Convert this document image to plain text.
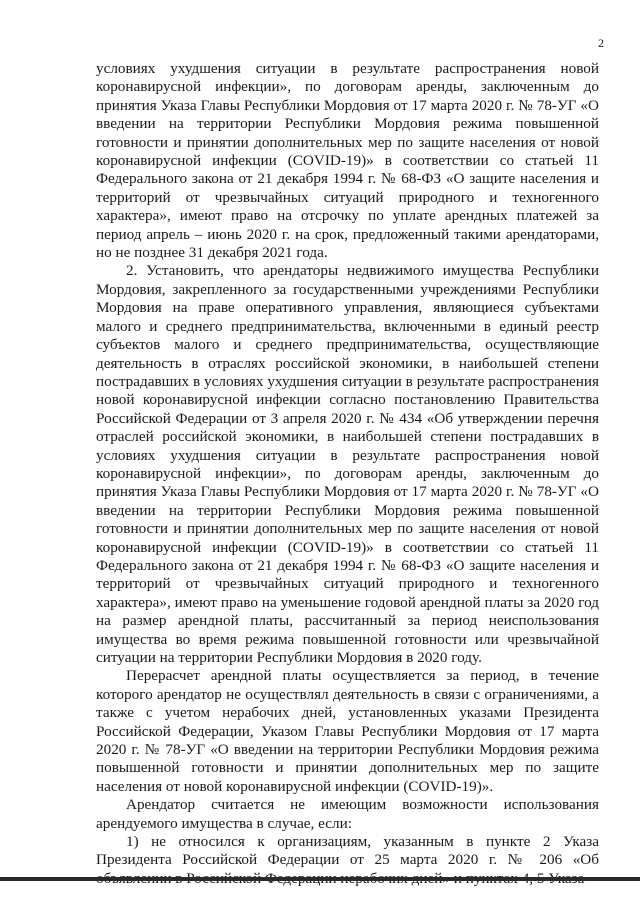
2

условиях ухудшения ситуации в результате распространения новой коронавирусной инфекции», по договорам аренды, заключенным до принятия Указа Главы Республики Мордовия от 17 марта 2020 г. № 78-УГ «О введении на территории Республики Мордовия режима повышенной готовности и принятии дополнительных мер по защите населения от новой коронавирусной инфекции (COVID-19)» в соответствии со статьей 11 Федерального закона от 21 декабря 1994 г. № 68-ФЗ «О защите населения и территорий от чрезвычайных ситуаций природного и техногенного характера», имеют право на отсрочку по уплате арендных платежей за период апрель – июнь 2020 г. на срок, предложенный такими арендаторами, но не позднее 31 декабря 2021 года.

2. Установить, что арендаторы недвижимого имущества Республики Мордовия, закрепленного за государственными учреждениями Республики Мордовия на праве оперативного управления, являющиеся субъектами малого и среднего предпринимательства, включенными в единый реестр субъектов малого и среднего предпринимательства, осуществляющие деятельность в отраслях российской экономики, в наибольшей степени пострадавших в условиях ухудшения ситуации в результате распространения новой коронавирусной инфекции согласно постановлению Правительства Российской Федерации от 3 апреля 2020 г. № 434 «Об утверждении перечня отраслей российской экономики, в наибольшей степени пострадавших в условиях ухудшения ситуации в результате распространения новой коронавирусной инфекции», по договорам аренды, заключенным до принятия Указа Главы Республики Мордовия от 17 марта 2020 г. № 78-УГ «О введении на территории Республики Мордовия режима повышенной готовности и принятии дополнительных мер по защите населения от новой коронавирусной инфекции (COVID-19)» в соответствии со статьей 11 Федерального закона от 21 декабря 1994 г. № 68-ФЗ «О защите населения и территорий от чрезвычайных ситуаций природного и техногенного характера», имеют право на уменьшение годовой арендной платы за 2020 год на размер арендной платы, рассчитанный за период неиспользования имущества во время режима повышенной готовности или чрезвычайной ситуации на территории Республики Мордовия в 2020 году.

Перерасчет арендной платы осуществляется за период, в течение которого арендатор не осуществлял деятельность в связи с ограничениями, а также с учетом нерабочих дней, установленных указами Президента Российской Федерации, Указом Главы Республики Мордовия от 17 марта 2020 г. № 78-УГ «О введении на территории Республики Мордовия режима повышенной готовности и принятии дополнительных мер по защите населения от новой коронавирусной инфекции (COVID-19)».

Арендатор считается не имеющим возможности использования арендуемого имущества в случае, если:

1) не относился к организациям, указанным в пункте 2 Указа Президента Российской Федерации от 25 марта 2020 г. № 206 «Об
